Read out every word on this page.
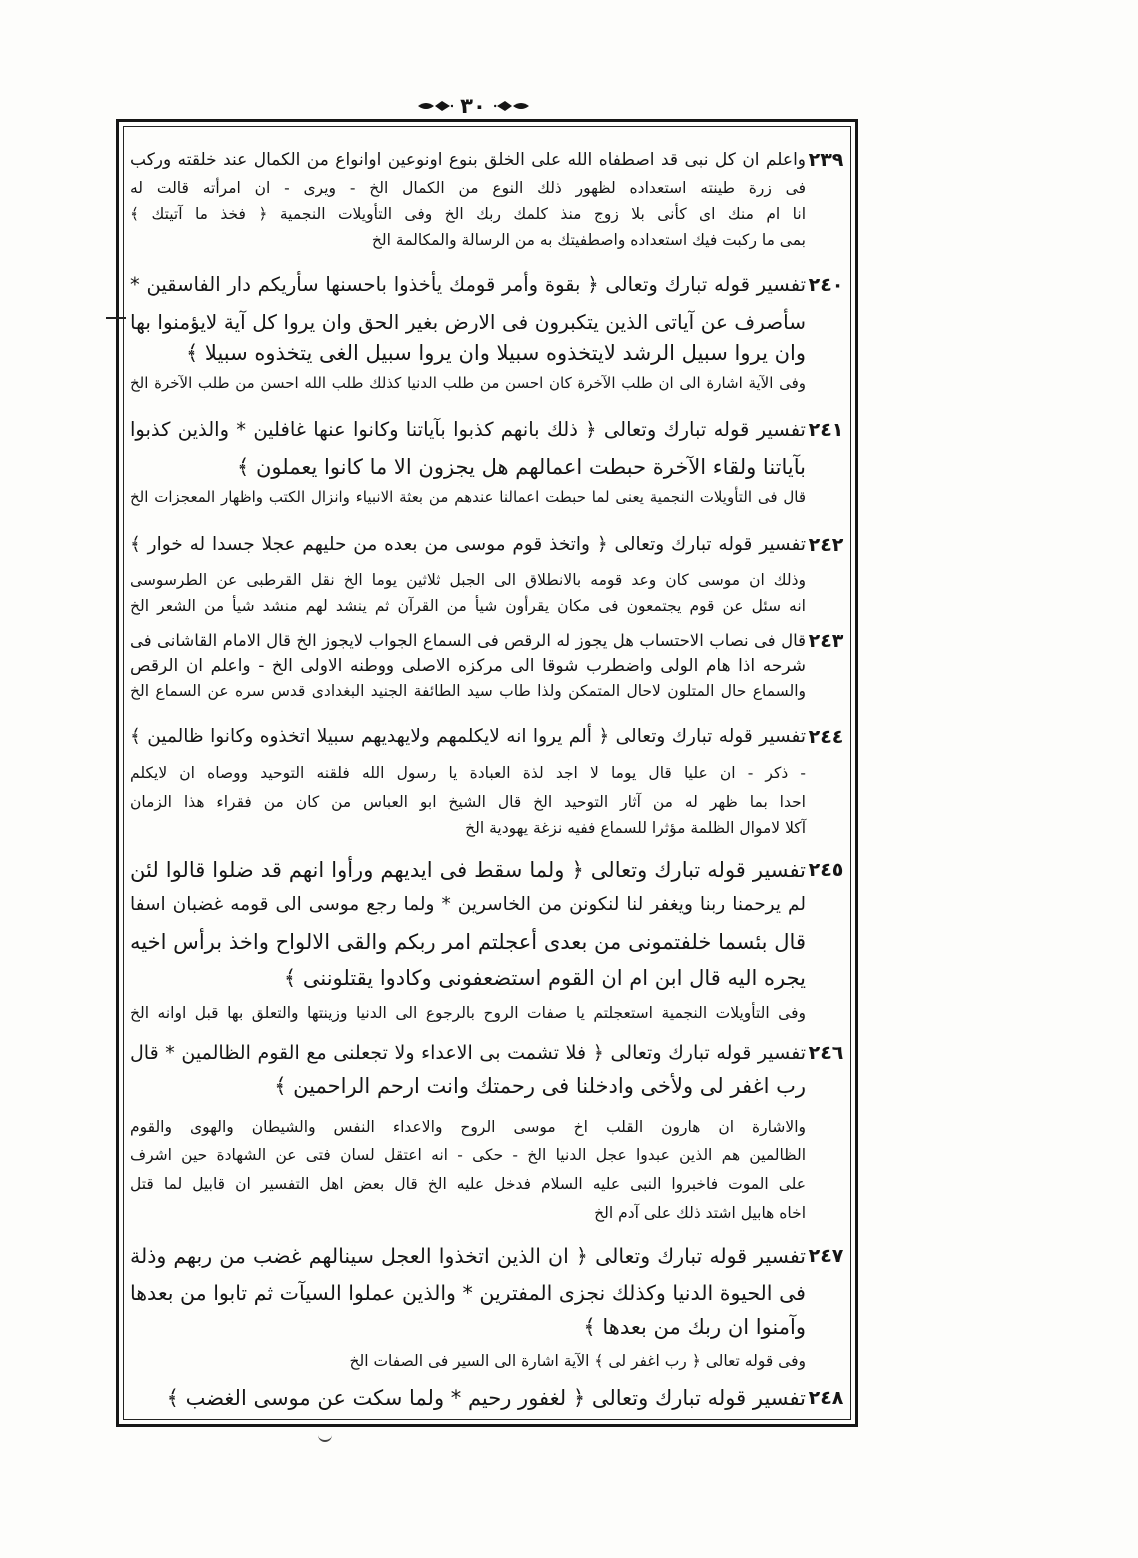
٣٠
٢٣٩
واعلم ان كل نبى قد اصطفاه الله على الخلق بنوع اونوعين اوانواع من الكمال عند خلقته وركب
فى زرة طينته استعداده لظهور ذلك النوع من الكمال الخ - ويرى - ان امرأته قالت له
انا ام منك اى كأنى بلا زوج منذ كلمك ربك الخ وفى التأويلات النجمية ﴿ فخذ ما آتيتك ﴾
بمى ما ركبت فيك استعداده واصطفيتك به من الرسالة والمكالمة الخ
٢٤٠
تفسير قوله تبارك وتعالى ﴿ بقوة وأمر قومك يأخذوا باحسنها سأريكم دار الفاسقين *
سأصرف عن آياتى الذين يتكبرون فى الارض بغير الحق وان يروا كل آية لايؤمنوا بها
وان يروا سبيل الرشد لايتخذوه سبيلا وان يروا سبيل الغى يتخذوه سبيلا ﴾
وفى الآية اشارة الى ان طلب الآخرة كان احسن من طلب الدنيا كذلك طلب الله احسن من طلب الآخرة الخ
٢٤١
تفسير قوله تبارك وتعالى ﴿ ذلك بانهم كذبوا بآياتنا وكانوا عنها غافلين * والذين كذبوا
بآياتنا ولقاء الآخرة حبطت اعمالهم هل يجزون الا ما كانوا يعملون ﴾
قال فى التأويلات النجمية يعنى لما حبطت اعمالنا عندهم من بعثة الانبياء وانزال الكتب واظهار المعجزات الخ
٢٤٢
تفسير قوله تبارك وتعالى ﴿ واتخذ قوم موسى من بعده من حليهم عجلا جسدا له خوار ﴾
وذلك ان موسى كان وعد قومه بالانطلاق الى الجبل ثلاثين يوما الخ نقل القرطبى عن الطرسوسى
انه سئل عن قوم يجتمعون فى مكان يقرأون شيأ من القرآن ثم ينشد لهم منشد شيأ من الشعر الخ
٢٤٣
قال فى نصاب الاحتساب هل يجوز له الرقص فى السماع الجواب لايجوز الخ قال الامام القاشانى فى
شرحه اذا هام الولى واضطرب شوقا الى مركزه الاصلى ووطنه الاولى الخ - واعلم ان الرقص
والسماع حال المتلون لاحال المتمكن ولذا طاب سيد الطائفة الجنيد البغدادى قدس سره عن السماع الخ
٢٤٤
تفسير قوله تبارك وتعالى ﴿ ألم يروا انه لايكلمهم ولايهديهم سبيلا اتخذوه وكانوا ظالمين ﴾
- ذكر - ان عليا قال يوما لا اجد لذة العبادة يا رسول الله فلقنه التوحيد ووصاه ان لايكلم
احدا بما ظهر له من آثار التوحيد الخ قال الشيخ ابو العباس من كان من فقراء هذا الزمان
آكلا لاموال الظلمة مؤثرا للسماع ففيه نزغة يهودية الخ
٢٤٥
تفسير قوله تبارك وتعالى ﴿ ولما سقط فى ايديهم ورأوا انهم قد ضلوا قالوا لئن
لم يرحمنا ربنا ويغفر لنا لنكونن من الخاسرين * ولما رجع موسى الى قومه غضبان اسفا
قال بئسما خلفتمونى من بعدى أعجلتم امر ربكم والقى الالواح واخذ برأس اخيه
يجره اليه قال ابن ام ان القوم استضعفونى وكادوا يقتلوننى ﴾
وفى التأويلات النجمية استعجلتم يا صفات الروح بالرجوع الى الدنيا وزينتها والتعلق بها قبل اوانه الخ
٢٤٦
تفسير قوله تبارك وتعالى ﴿ فلا تشمت بى الاعداء ولا تجعلنى مع القوم الظالمين * قال
رب اغفر لى ولأخى وادخلنا فى رحمتك وانت ارحم الراحمين ﴾
والاشارة ان هارون القلب اخ موسى الروح والاعداء النفس والشيطان والهوى والقوم
الظالمين هم الذين عبدوا عجل الدنيا الخ - حكى - انه اعتقل لسان فتى عن الشهادة حين اشرف
على الموت فاخبروا النبى عليه السلام فدخل عليه الخ قال بعض اهل التفسير ان قابيل لما قتل
اخاه هابيل اشتد ذلك على آدم الخ
٢٤٧
تفسير قوله تبارك وتعالى ﴿ ان الذين اتخذوا العجل سينالهم غضب من ربهم وذلة
فى الحيوة الدنيا وكذلك نجزى المفترين * والذين عملوا السيآت ثم تابوا من بعدها
وآمنوا ان ربك من بعدها ﴾
وفى قوله تعالى ﴿ رب اغفر لى ﴾ الآية اشارة الى السير فى الصفات الخ
٢٤٨
تفسير قوله تبارك وتعالى ﴿ لغفور رحيم * ولما سكت عن موسى الغضب ﴾
